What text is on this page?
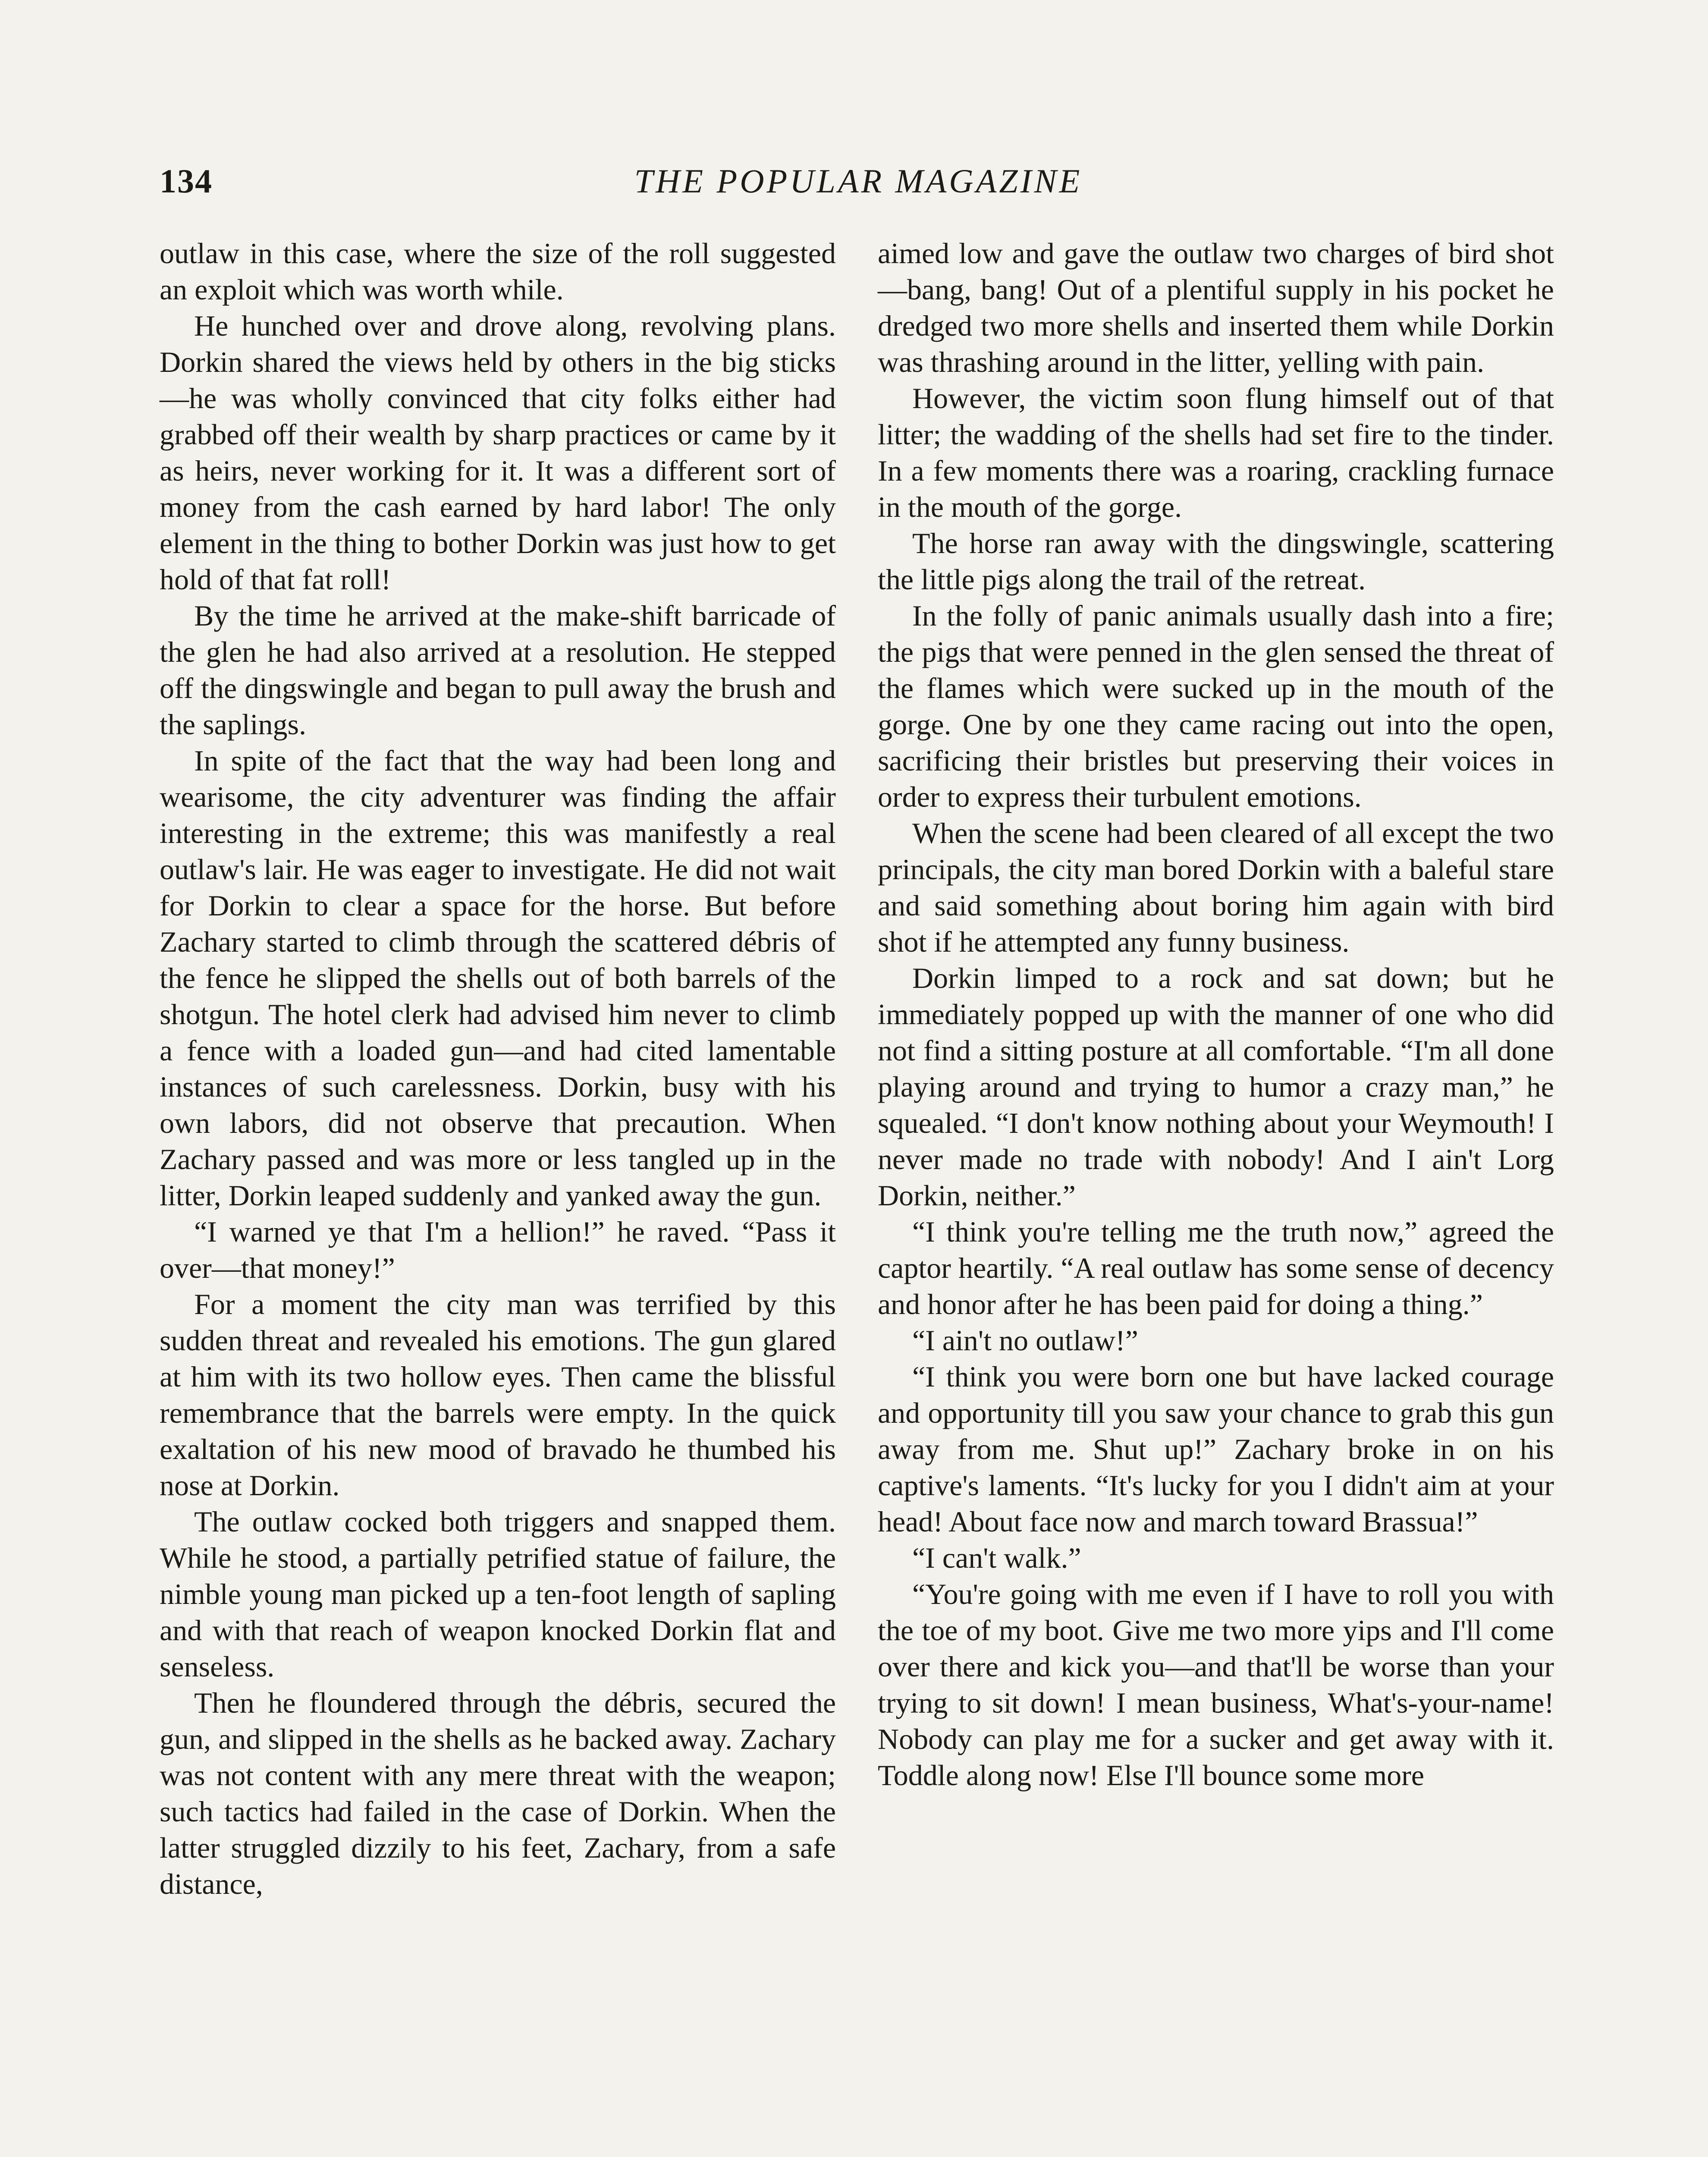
134	THE POPULAR MAGAZINE

outlaw in this case, where the size of the roll suggested an exploit which was worth while.

He hunched over and drove along, revolving plans. Dorkin shared the views held by others in the big sticks—he was wholly convinced that city folks either had grabbed off their wealth by sharp practices or came by it as heirs, never working for it. It was a different sort of money from the cash earned by hard labor! The only element in the thing to bother Dorkin was just how to get hold of that fat roll!

By the time he arrived at the make-shift barricade of the glen he had also arrived at a resolution. He stepped off the dingswingle and began to pull away the brush and the saplings.

In spite of the fact that the way had been long and wearisome, the city adventurer was finding the affair interesting in the extreme; this was manifestly a real outlaw's lair. He was eager to investigate. He did not wait for Dorkin to clear a space for the horse. But before Zachary started to climb through the scattered débris of the fence he slipped the shells out of both barrels of the shotgun. The hotel clerk had advised him never to climb a fence with a loaded gun—and had cited lamentable instances of such carelessness. Dorkin, busy with his own labors, did not observe that precaution. When Zachary passed and was more or less tangled up in the litter, Dorkin leaped suddenly and yanked away the gun.

“I warned ye that I'm a hellion!” he raved. “Pass it over—that money!”

For a moment the city man was terrified by this sudden threat and revealed his emotions. The gun glared at him with its two hollow eyes. Then came the blissful remembrance that the barrels were empty. In the quick exaltation of his new mood of bravado he thumbed his nose at Dorkin.

The outlaw cocked both triggers and snapped them. While he stood, a partially petrified statue of failure, the nimble young man picked up a ten-foot length of sapling and with that reach of weapon knocked Dorkin flat and senseless.

Then he floundered through the débris, secured the gun, and slipped in the shells as he backed away. Zachary was not content with any mere threat with the weapon; such tactics had failed in the case of Dorkin. When the latter struggled dizzily to his feet, Zachary, from a safe distance,

aimed low and gave the outlaw two charges of bird shot—bang, bang! Out of a plentiful supply in his pocket he dredged two more shells and inserted them while Dorkin was thrashing around in the litter, yelling with pain.

However, the victim soon flung himself out of that litter; the wadding of the shells had set fire to the tinder. In a few moments there was a roaring, crackling furnace in the mouth of the gorge.

The horse ran away with the dingswingle, scattering the little pigs along the trail of the retreat.

In the folly of panic animals usually dash into a fire; the pigs that were penned in the glen sensed the threat of the flames which were sucked up in the mouth of the gorge. One by one they came racing out into the open, sacrificing their bristles but preserving their voices in order to express their turbulent emotions.

When the scene had been cleared of all except the two principals, the city man bored Dorkin with a baleful stare and said something about boring him again with bird shot if he attempted any funny business.

Dorkin limped to a rock and sat down; but he immediately popped up with the manner of one who did not find a sitting posture at all comfortable. “I'm all done playing around and trying to humor a crazy man,” he squealed. “I don't know nothing about your Weymouth! I never made no trade with nobody! And I ain't Lorg Dorkin, neither.”

“I think you're telling me the truth now,” agreed the captor heartily. “A real outlaw has some sense of decency and honor after he has been paid for doing a thing.”

“I ain't no outlaw!”

“I think you were born one but have lacked courage and opportunity till you saw your chance to grab this gun away from me. Shut up!” Zachary broke in on his captive's laments. “It's lucky for you I didn't aim at your head! About face now and march toward Brassua!”

“I can't walk.”

“You're going with me even if I have to roll you with the toe of my boot. Give me two more yips and I'll come over there and kick you—and that'll be worse than your trying to sit down! I mean business, What's-your-name! Nobody can play me for a sucker and get away with it. Toddle along now! Else I'll bounce some more
